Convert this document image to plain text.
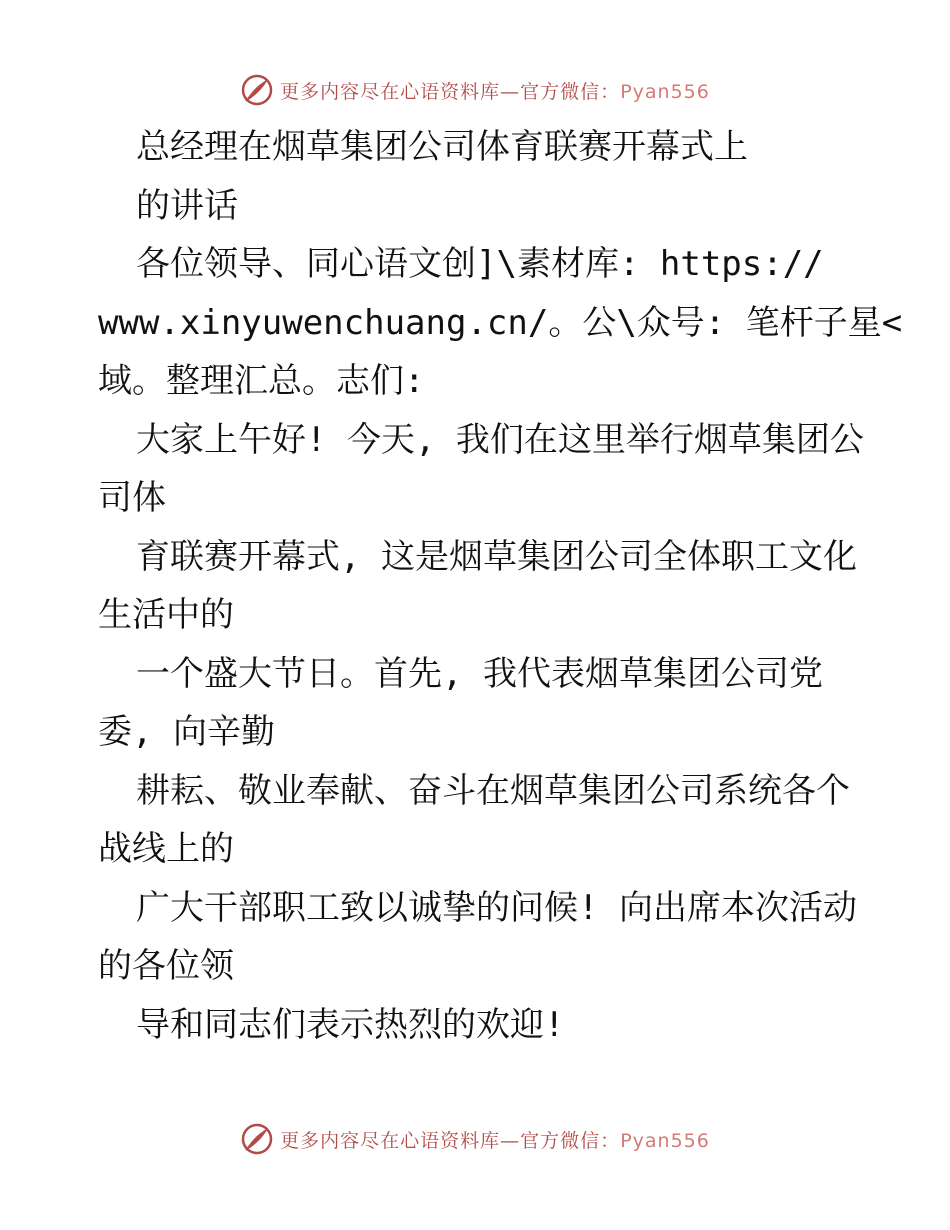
更多内容尽在心语资料库—官方微信：Pyan556
总经理在烟草集团公司体育联赛开幕式上
的讲话
各位领导、同心语文创]\素材库: https://
www.xinyuwenchuang.cn/。公\众号: 笔杆子星<
域。整理汇总。志们:
大家上午好! 今天, 我们在这里举行烟草集团公
司体
育联赛开幕式, 这是烟草集团公司全体职工文化
生活中的
一个盛大节日。首先, 我代表烟草集团公司党
委, 向辛勤
耕耘、敬业奉献、奋斗在烟草集团公司系统各个
战线上的
广大干部职工致以诚挚的问候! 向出席本次活动
的各位领
导和同志们表示热烈的欢迎!
更多内容尽在心语资料库—官方微信：Pyan556
